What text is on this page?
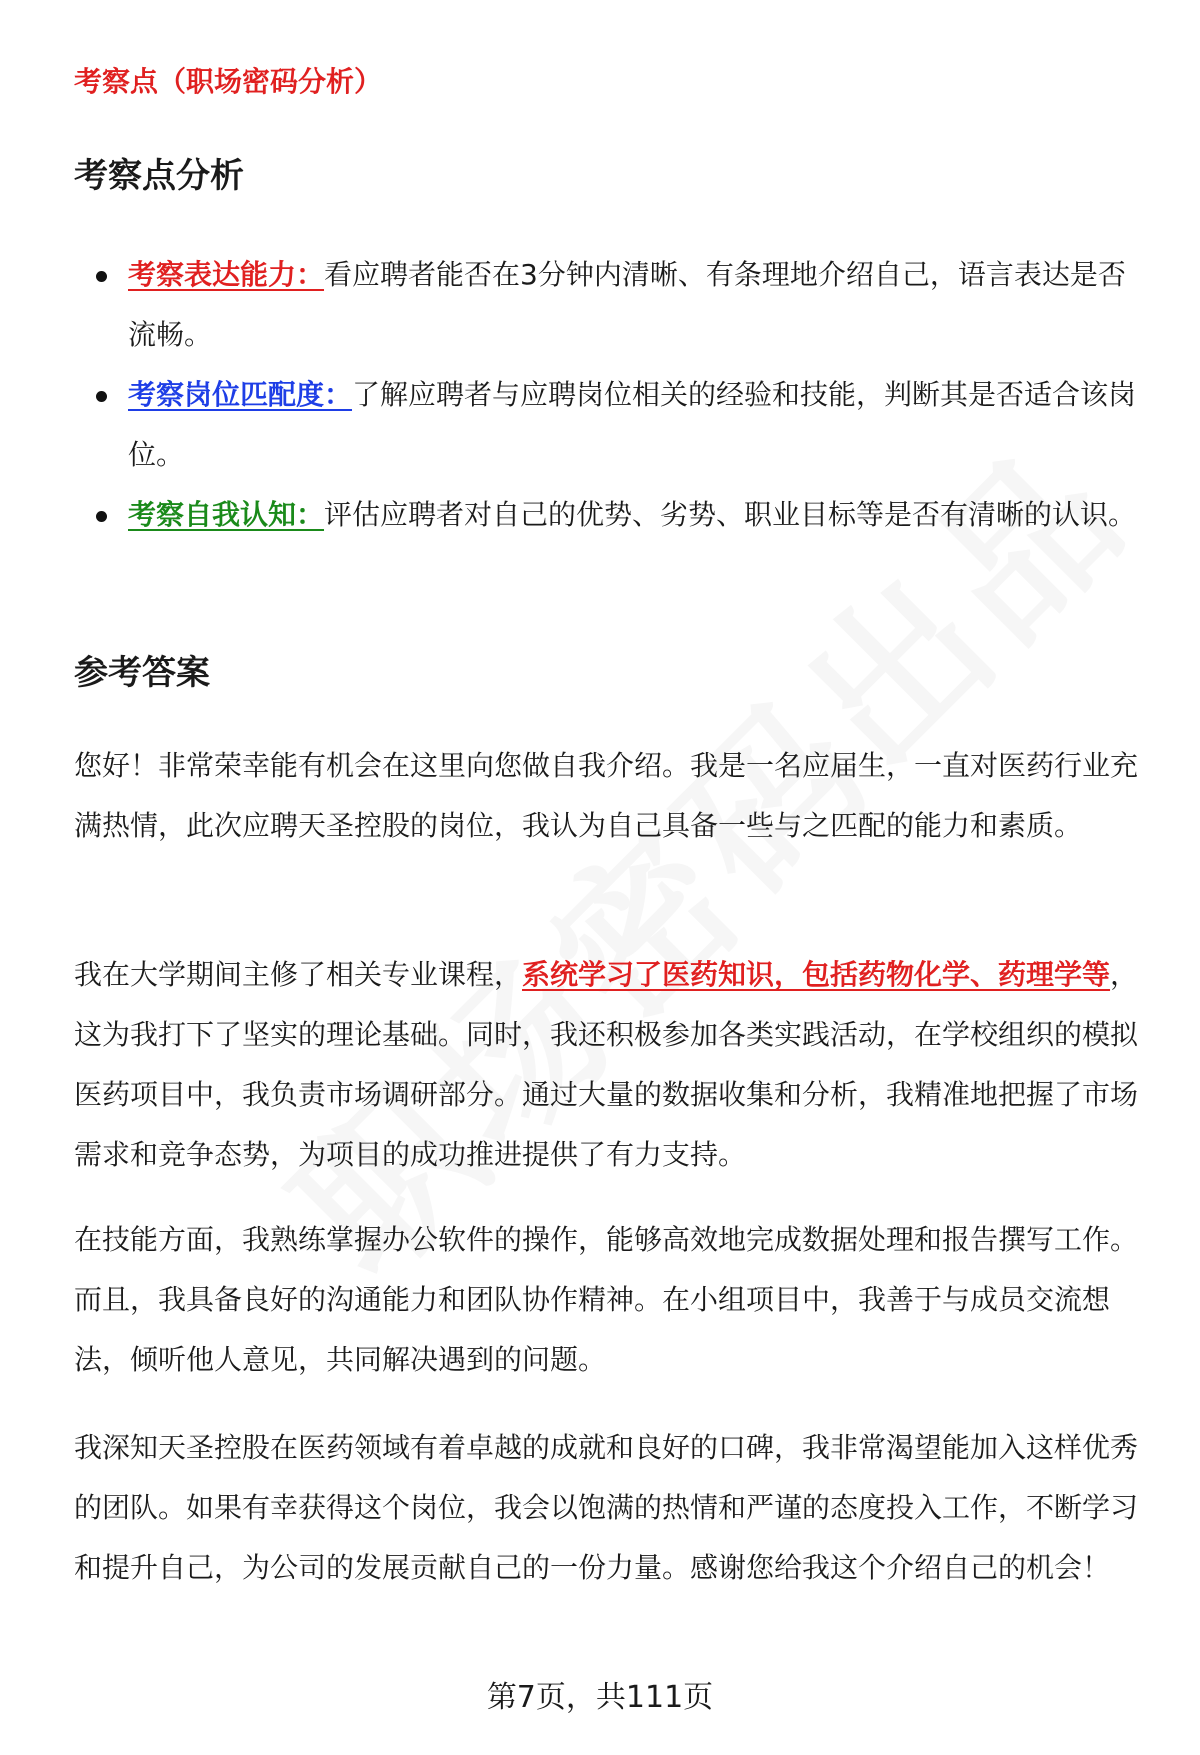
考察点（职场密码分析）

考察点分析
考察表达能力：看应聘者能否在3分钟内清晰、有条理地介绍自己，语言表达是否流畅。
考察岗位匹配度：了解应聘者与应聘岗位相关的经验和技能，判断其是否适合该岗位。
考察自我认知：评估应聘者对自己的优势、劣势、职业目标等是否有清晰的认识。
参考答案

您好！非常荣幸能有机会在这里向您做自我介绍。我是一名应届生，一直对医药行业充满热情，此次应聘天圣控股的岗位，我认为自己具备一些与之匹配的能力和素质。

我在大学期间主修了相关专业课程，系统学习了医药知识，包括药物化学、药理学等，这为我打下了坚实的理论基础。同时，我还积极参加各类实践活动，在学校组织的模拟医药项目中，我负责市场调研部分。通过大量的数据收集和分析，我精准地把握了市场需求和竞争态势，为项目的成功推进提供了有力支持。

在技能方面，我熟练掌握办公软件的操作，能够高效地完成数据处理和报告撰写工作。而且，我具备良好的沟通能力和团队协作精神。在小组项目中，我善于与成员交流想法，倾听他人意见，共同解决遇到的问题。

我深知天圣控股在医药领域有着卓越的成就和良好的口碑，我非常渴望能加入这样优秀的团队。如果有幸获得这个岗位，我会以饱满的热情和严谨的态度投入工作，不断学习和提升自己，为公司的发展贡献自己的一份力量。感谢您给我这个介绍自己的机会！

第7页，共111页
